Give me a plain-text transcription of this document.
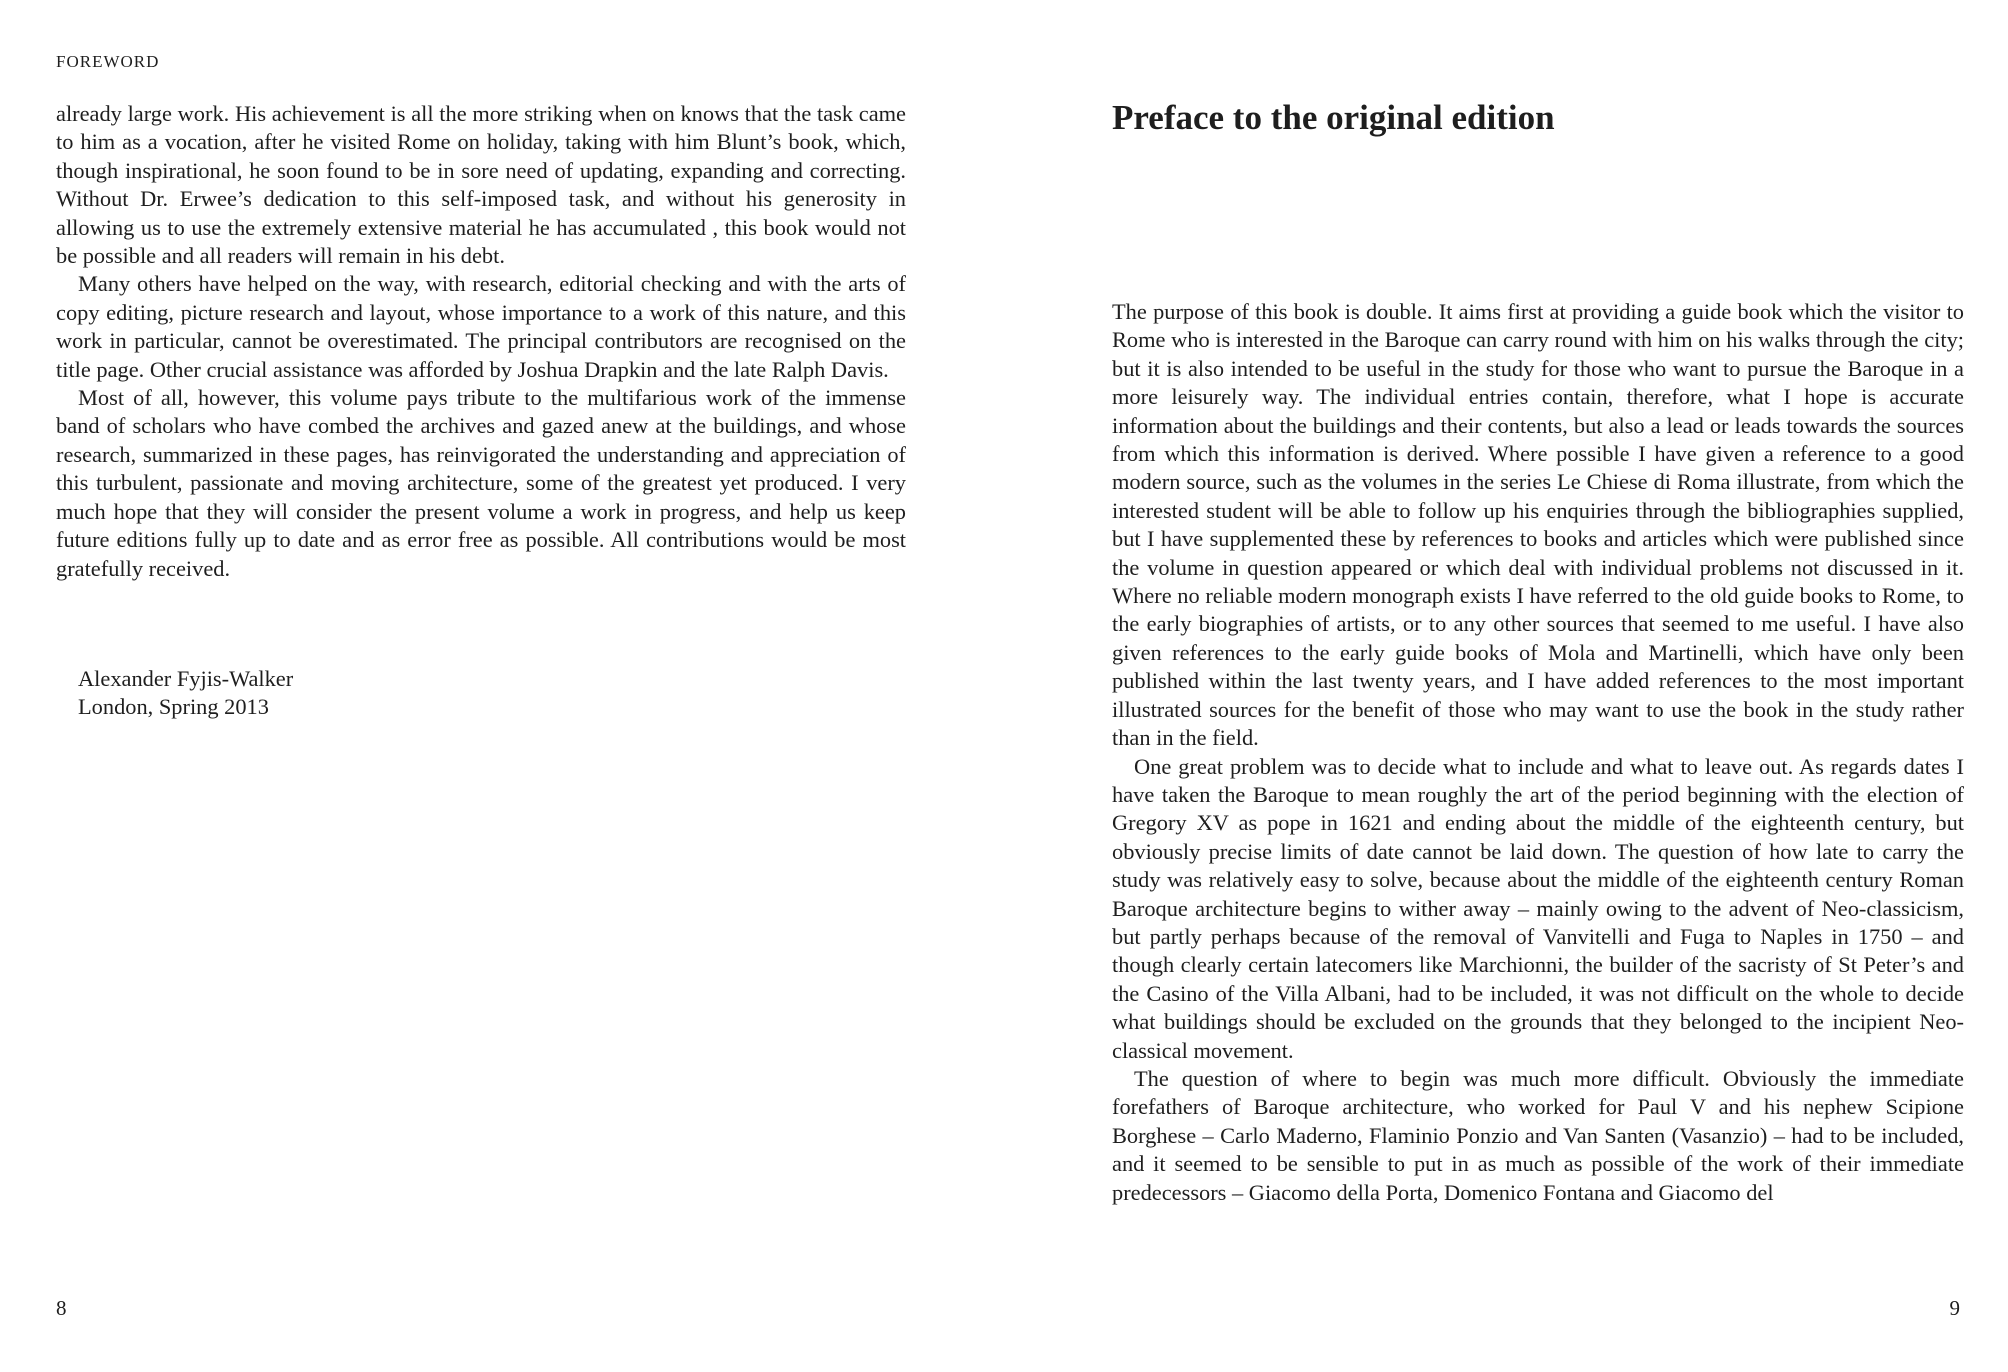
FOREWORD

already large work. His achievement is all the more striking when on knows that the task came to him as a vocation, after he visited Rome on holiday, taking with him Blunt’s book, which, though inspirational, he soon found to be in sore need of updating, expanding and correcting. Without Dr. Erwee’s dedication to this self-imposed task, and without his generosity in allowing us to use the extremely extensive material he has accumulated , this book would not be possible and all readers will remain in his debt.

Many others have helped on the way, with research, editorial checking and with the arts of copy editing, picture research and layout, whose importance to a work of this nature, and this work in particular, cannot be overestimated. The principal contributors are recognised on the title page. Other crucial assistance was afforded by Joshua Drapkin and the late Ralph Davis.

Most of all, however, this volume pays tribute to the multifarious work of the immense band of scholars who have combed the archives and gazed anew at the buildings, and whose research, summarized in these pages, has reinvigorated the understanding and appreciation of this turbulent, passionate and moving architecture, some of the greatest yet produced. I very much hope that they will consider the present volume a work in progress, and help us keep future editions fully up to date and as error free as possible. All contributions would be most gratefully received.

Alexander Fyjis-Walker
London, Spring 2013
8
Preface to the original edition

The purpose of this book is double. It aims first at providing a guide book which the visitor to Rome who is interested in the Baroque can carry round with him on his walks through the city; but it is also intended to be useful in the study for those who want to pursue the Baroque in a more leisurely way. The individual entries contain, therefore, what I hope is accurate information about the buildings and their contents, but also a lead or leads towards the sources from which this information is derived. Where possible I have given a reference to a good modern source, such as the volumes in the series Le Chiese di Roma illustrate, from which the interested student will be able to follow up his enquiries through the bibliographies supplied, but I have supplemented these by references to books and articles which were published since the volume in question appeared or which deal with individual problems not discussed in it. Where no reliable modern monograph exists I have referred to the old guide books to Rome, to the early biographies of artists, or to any other sources that seemed to me useful. I have also given references to the early guide books of Mola and Martinelli, which have only been published within the last twenty years, and I have added references to the most important illustrated sources for the benefit of those who may want to use the book in the study rather than in the field.

One great problem was to decide what to include and what to leave out. As regards dates I have taken the Baroque to mean roughly the art of the period beginning with the election of Gregory XV as pope in 1621 and ending about the middle of the eighteenth century, but obviously precise limits of date cannot be laid down. The question of how late to carry the study was relatively easy to solve, because about the middle of the eighteenth century Roman Baroque architecture begins to wither away – mainly owing to the advent of Neo-classicism, but partly perhaps because of the removal of Vanvitelli and Fuga to Naples in 1750 – and though clearly certain latecomers like Marchionni, the builder of the sacristy of St Peter’s and the Casino of the Villa Albani, had to be included, it was not difficult on the whole to decide what buildings should be excluded on the grounds that they belonged to the incipient Neo-classical movement.

The question of where to begin was much more difficult. Obviously the immediate forefathers of Baroque architecture, who worked for Paul V and his nephew Scipione Borghese – Carlo Maderno, Flaminio Ponzio and Van Santen (Vasanzio) – had to be included, and it seemed to be sensible to put in as much as possible of the work of their immediate predecessors – Giacomo della Porta, Domenico Fontana and Giacomo del

9
